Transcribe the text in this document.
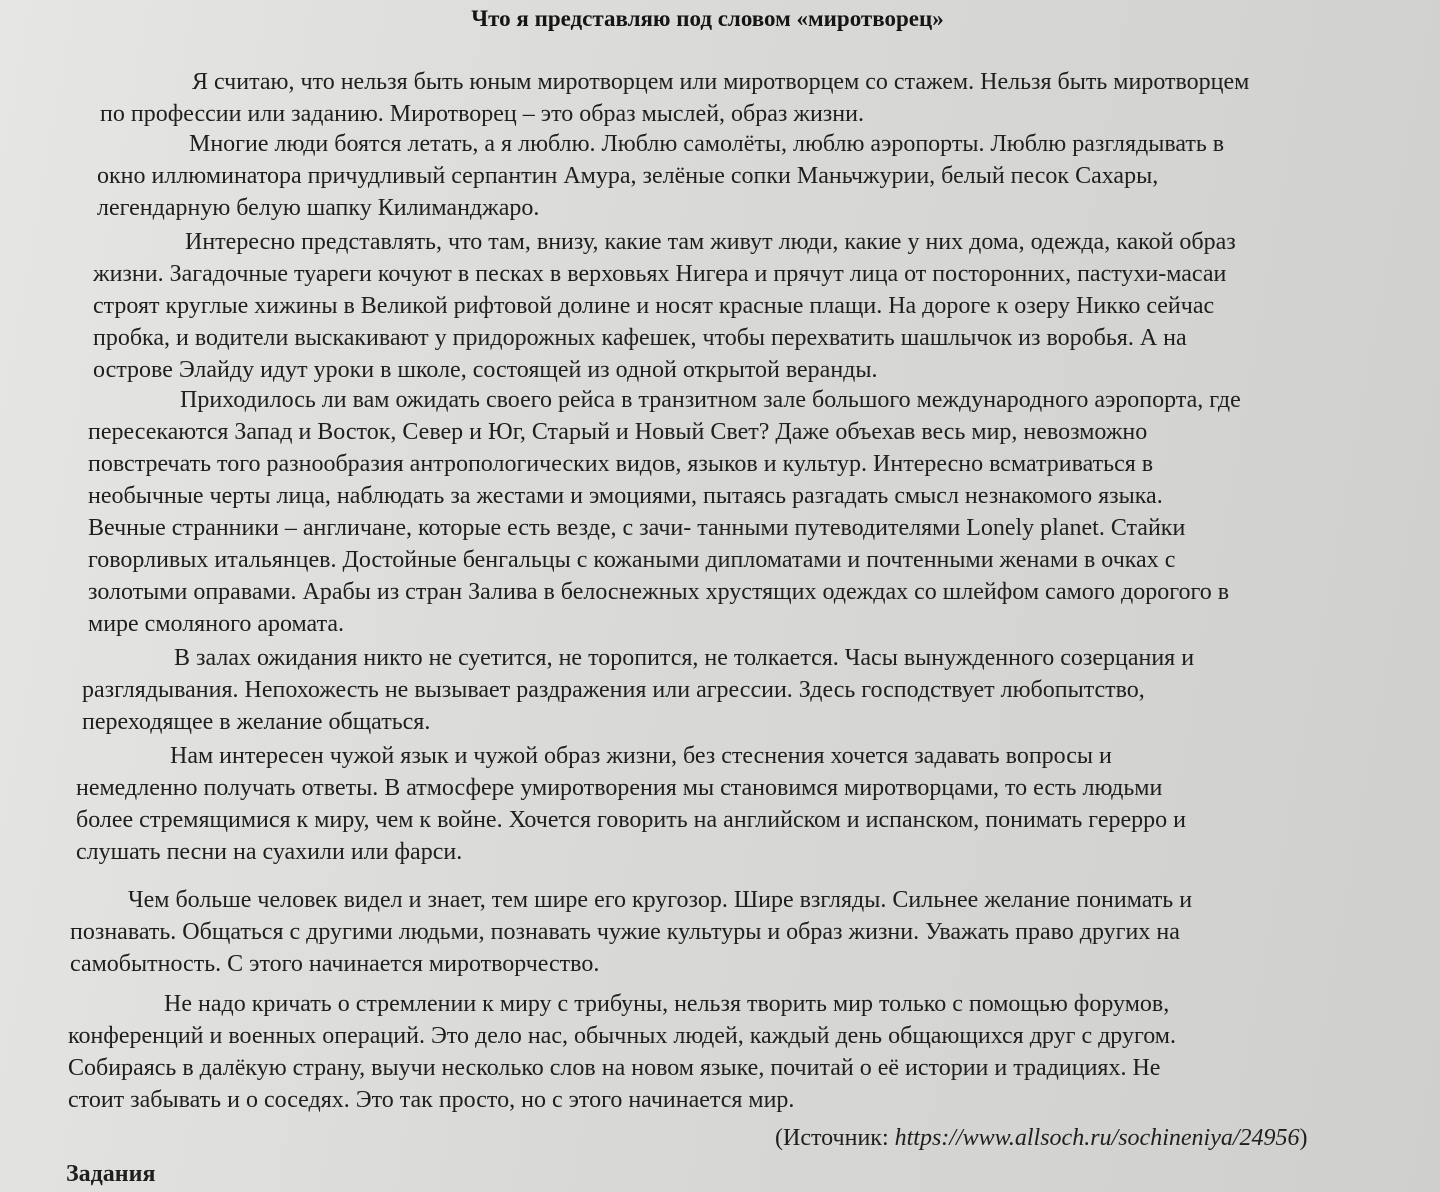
Что я представляю под словом «миротворец»
Я считаю, что нельзя быть юным миротворцем или миротворцем со стажем. Нельзя быть миротворцем
по профессии или заданию. Миротворец – это образ мыслей, образ жизни.
Многие люди боятся летать, а я люблю. Люблю самолёты, люблю аэропорты. Люблю разглядывать в
окно иллюминатора причудливый серпантин Амура, зелёные сопки Маньчжурии, белый песок Сахары,
легендарную белую шапку Килиманджаро.
Интересно представлять, что там, внизу, какие там живут люди, какие у них дома, одежда, какой образ
жизни. Загадочные туареги кочуют в песках в верховьях Нигера и прячут лица от посторонних, пастухи-масаи
строят круглые хижины в Великой рифтовой долине и носят красные плащи. На дороге к озеру Никко сейчас
пробка, и водители выскакивают у придорожных кафешек, чтобы перехватить шашлычок из воробья. А на
острове Элайду идут уроки в школе, состоящей из одной открытой веранды.
Приходилось ли вам ожидать своего рейса в транзитном зале большого международного аэропорта, где
пересекаются Запад и Восток, Север и Юг, Старый и Новый Свет? Даже объехав весь мир, невозможно
повстречать того разнообразия антропологических видов, языков и культур. Интересно всматриваться в
необычные черты лица, наблюдать за жестами и эмоциями, пытаясь разгадать смысл незнакомого языка.
Вечные странники – англичане, которые есть везде, с зачи- танными путеводителями Lonely planet. Стайки
говорливых итальянцев. Достойные бенгальцы с кожаными дипломатами и почтенными женами в очках с
золотыми оправами. Арабы из стран Залива в белоснежных хрустящих одеждах со шлейфом самого дорогого в
мире смоляного аромата.
В залах ожидания никто не суетится, не торопится, не толкается. Часы вынужденного созерцания и
разглядывания. Непохожесть не вызывает раздражения или агрессии. Здесь господствует любопытство,
переходящее в желание общаться.
Нам интересен чужой язык и чужой образ жизни, без стеснения хочется задавать вопросы и
немедленно получать ответы. В атмосфере умиротворения мы становимся миротворцами, то есть людьми
более стремящимися к миру, чем к войне. Хочется говорить на английском и испанском, понимать герерро и
слушать песни на суахили или фарси.
Чем больше человек видел и знает, тем шире его кругозор. Шире взгляды. Сильнее желание понимать и
познавать. Общаться с другими людьми, познавать чужие культуры и образ жизни. Уважать право других на
самобытность. С этого начинается миротворчество.
Не надо кричать о стремлении к миру с трибуны, нельзя творить мир только с помощью форумов,
конференций и военных операций. Это дело нас, обычных людей, каждый день общающихся друг с другом.
Собираясь в далёкую страну, выучи несколько слов на новом языке, почитай о её истории и традициях. Не
стоит забывать и о соседях. Это так просто, но с этого начинается мир.
(Источник: https://www.allsoch.ru/sochineniya/24956)
Задания
